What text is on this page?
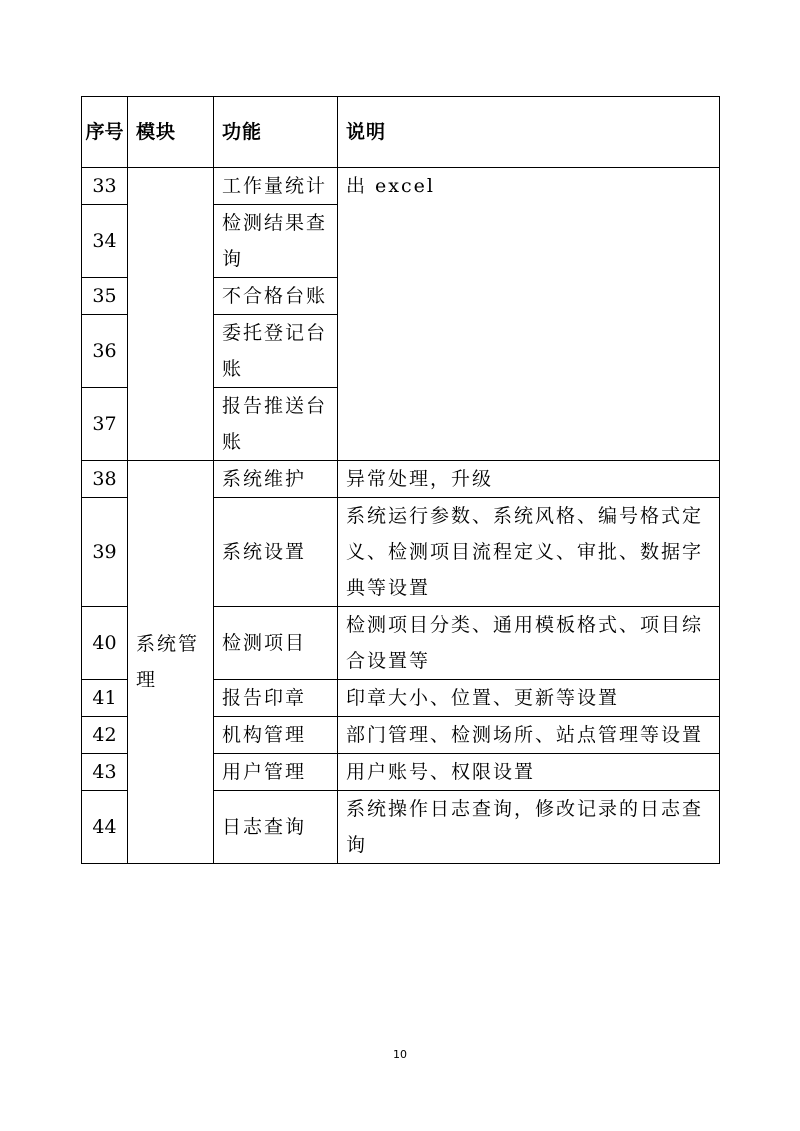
序号	模块	功能	说明
33		工作量统计	出 excel
34		检测结果查询	
35		不合格台账	
36		委托登记台账	
37		报告推送台账	
38	系统管理	系统维护	异常处理，升级
39		系统设置	系统运行参数、系统风格、编号格式定义、检测项目流程定义、审批、数据字典等设置
40		检测项目	检测项目分类、通用模板格式、项目综合设置等
41		报告印章	印章大小、位置、更新等设置
42		机构管理	部门管理、检测场所、站点管理等设置
43		用户管理	用户账号、权限设置
44		日志查询	系统操作日志查询，修改记录的日志查询
10
